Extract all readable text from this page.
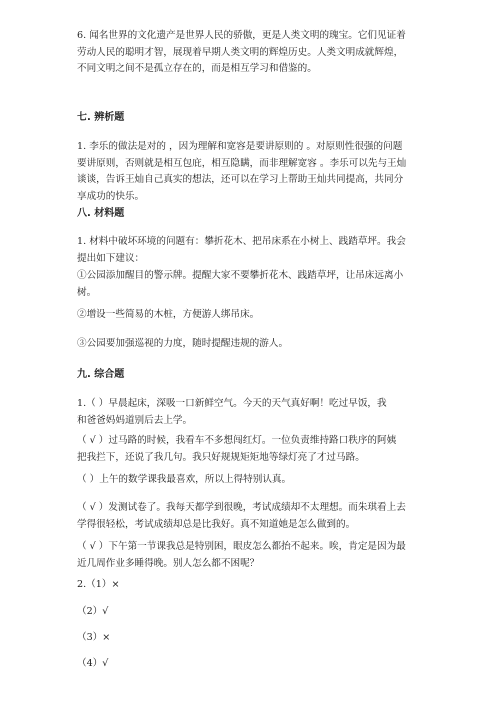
6. 闻名世界的文化遗产是世界人民的骄傲，更是人类文明的瑰宝。它们见证着

劳动人民的聪明才智，展现着早期人类文明的辉煌历史。人类文明成就辉煌，

不同文明之间不是孤立存在的，而是相互学习和借鉴的。

七. 辨析题

1. 李乐的做法是对的 ，因为理解和宽容是要讲原则的 。对原则性很强的问题

要讲原则，否则就是相互包庇，相互隐瞒，而非理解宽容 。李乐可以先与王灿

谈谈，告诉王灿自己真实的想法，还可以在学习上帮助王灿共同提高，共同分

享成功的快乐。

八. 材料题

1. 材料中破坏环境的问题有：攀折花木、把吊床系在小树上、践踏草坪。我会

提出如下建议：

①公园添加醒目的警示牌。提醒大家不要攀折花木、践踏草坪，让吊床远离小

树。

②增设一些简易的木桩，方便游人绑吊床。

③公园要加强巡视的力度，随时提醒违规的游人。

九. 综合题

1.（ ）早晨起床，深吸一口新鲜空气。今天的天气真好啊！吃过早饭，我

和爸爸妈妈道别后去上学。

（ √ ）过马路的时候，我看车不多想闯红灯。一位负责维持路口秩序的阿姨

把我拦下，还说了我几句。我只好规规矩矩地等绿灯亮了才过马路。

（ ）上午的数学课我最喜欢，所以上得特别认真。

（ √ ）发测试卷了。我每天都学到很晚，考试成绩却不太理想。而朱琪看上去

学得很轻松，考试成绩却总是比我好。真不知道她是怎么做到的。

（ √ ）下午第一节课我总是特别困，眼皮怎么都抬不起来。唉，肯定是因为最

近几周作业多睡得晚。别人怎么都不困呢？

2.（1）×

（2）√

（3）×

（4）√
